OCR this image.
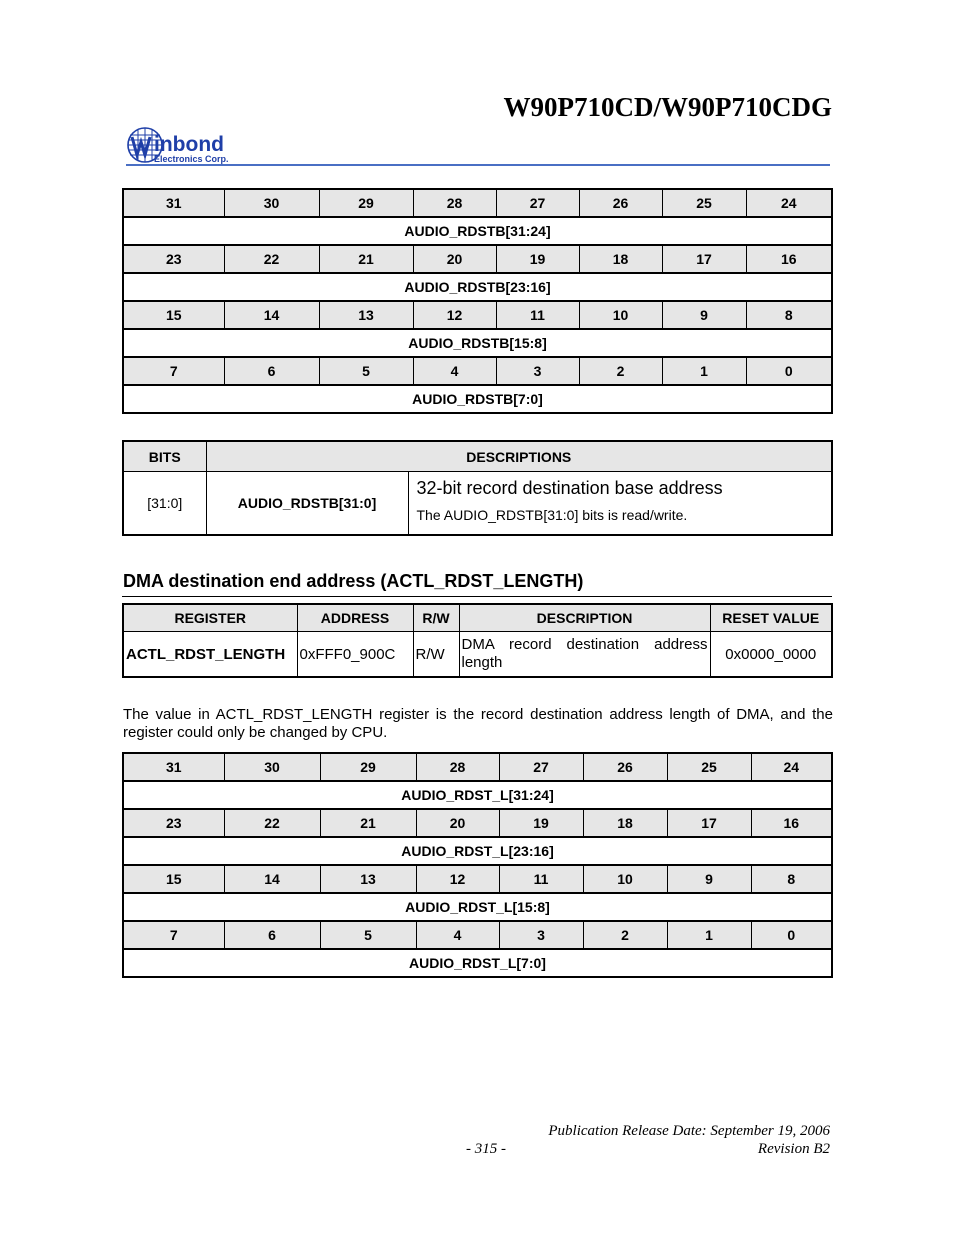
W90P710CD/W90P710CDG
inbond
Electronics Corp.
31	30	29	28	27	26	25	24
AUDIO_RDSTB[31:24]							
23	22	21	20	19	18	17	16
AUDIO_RDSTB[23:16]							
15	14	13	12	11	10	9	8
AUDIO_RDSTB[15:8]							
7	6	5	4	3	2	1	0
AUDIO_RDSTB[7:0]							
BITS	DESCRIPTIONS	
[31:0]	AUDIO_RDSTB[31:0]	32-bit record destination base address

The AUDIO_RDSTB[31:0] bits is read/write.

DMA destination end address (ACTL_RDST_LENGTH)
REGISTER	ADDRESS	R/W	DESCRIPTION	RESET VALUE
ACTL_RDST_LENGTH	0xFFF0_900C	R/W	DMA record destination address length	0x0000_0000
The value in ACTL_RDST_LENGTH register is the record destination address length of DMA, and the register could only be changed by CPU.
31	30	29	28	27	26	25	24
AUDIO_RDST_L[31:24]							
23	22	21	20	19	18	17	16
AUDIO_RDST_L[23:16]							
15	14	13	12	11	10	9	8
AUDIO_RDST_L[15:8]							
7	6	5	4	3	2	1	0
AUDIO_RDST_L[7:0]							
Publication Release Date: September 19, 2006
- 315 -	Revision B2
